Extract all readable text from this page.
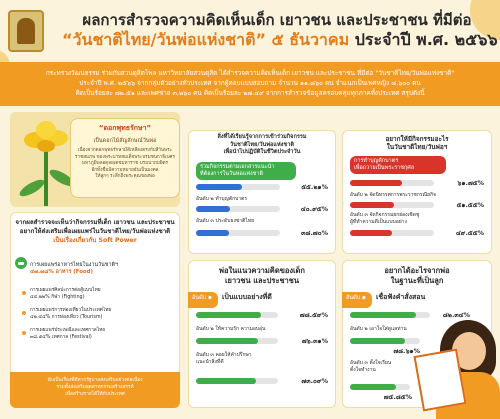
ผลการสำรวจความคิดเห็นเด็ก เยาวชน และประชาชน ที่มีต่อ
“วันชาติไทย/วันพ่อแห่งชาติ” ๕ ธันวาคม ประจำปี พ.ศ. ๒๕๖๖
กระทรวงวัฒนธรรม ร่วมกับสวนดุสิตโพล มหาวิทยาลัยสวนดุสิต ได้สำรวจความคิดเห็นเด็ก เยาวชน และประชาชน ที่มีต่อ "วันชาติไทย/วันพ่อแห่งชาติ"
ประจำปี พ.ศ. ๒๕๖๖ จากกลุ่มตัวอย่างทั่วประเทศ จากผู้ตอบแบบสอบถาม จำนวน ๑๑,๘๖๐ คน จำแนกเป็นเพศหญิง ๘,๖๐๐ คน
คิดเป็นร้อยละ ๗๒.๕๑ และเพศชาย ๓,๒๖๐ คน คิดเป็นร้อยละ ๒๗.๔๙ จากการสำรวจข้อมูลครอบคลุมทุกภาคทั้งประเทศ สรุปดังนี้
“ดอกพุทธรักษา”
เป็นดอกไม้สัญลักษณ์วันพ่อ
เนื่องจากดอกพุทธรักษามีสีเหลืองตรงกับสีวันพระ
ราชสมภพ ของพระบาทสมเด็จพระบรมชนกาธิเบศร
มหาภูมิพลอดุลยเดชมหาราช บรมนาถบพิตร
อีกทั้งชื่อมีความหมายอันเป็นมงคล
ให้ลูกๆ ระลึกถึงพระคุณของพ่อ
จากผลสำรวจจะเห็นว่ากิจกรรมที่เด็ก เยาวชน และประชาชน
อยากให้ส่งเสริมเพื่อเผยแพร่ในวันชาติไทย/วันพ่อแห่งชาติ
เป็นเรื่องเกี่ยวกับ Soft Power
การเผยแพร่อาหารไทยในงานวันชาติฯ
๔๗.๗๘% อาหาร (Food)
การเผยแพร่ศิลปะการต่อสู้แบบไทย
๔๔.๒๒% กีฬา (Fighting)
การเผยแพร่การท่องเที่ยวในประเทศไทย
๔๒.๔๔% การท่องเที่ยว (Tourism)
การเผยแพร่ประเพณีและเทศกาลไทย
๓๘.๕๔% เทศกาล (Festival)
นับเป็นเรื่องที่ดีหากรัฐบาลส่งเสริมอย่างต่อเนื่อง
รวมทั้งส่งเสริมอุตสาหกรรมสร้างสรรค์
เพื่อสร้างรายได้ให้กับประเทศ
สิ่งที่ได้เรียนรู้จากการเข้าร่วมกิจกรรม
วันชาติไทย/วันพ่อแห่งชาติ
เพื่อนำไปปฏิบัติในชีวิตประจำวัน
ร่วมกิจกรรมตามเอกสารแนะนำ
ที่ต้องการในวันพ่อแห่งชาติ
๕๕.๒๑%
อันดับ ๒ ทำบุญตักบาตร
๔๐.๙๕%
อันดับ ๓ ประดับธงชาติไทย
๓๘.๗๐%
อยากให้มีกิจกรรมอะไร
ในวันชาติไทย/วันพ่อฯ
การทำบุญตักบาตร
เพื่อถวายเป็นพระราชกุศล
๖๑.๗๕%
อันดับ ๒ จัดนิทรรศการพระราชกรณียกิจ
๕๑.๕๕%
อันดับ ๓ จัดกิจกรรมยกย่องเชิดชู
ผู้ที่ทำความดีเป็นแบบอย่าง
๔๙.๕๕%
พ่อในแนวความคิดของเด็ก
เยาวชน และประชาชน
อันดับ ๑	เป็นแบบอย่างที่ดี
๗๘.๕๙%
อันดับ ๒ ให้ความรัก ความอบอุ่น
๗๖.๓๑%
อันดับ ๓ คอยให้คำปรึกษา
แนะนำสิ่งที่ดี
๗๓.๐๙%
อยากได้อะไรจากพ่อ
ในฐานะที่เป็นลูก
อันดับ ๑	เชื่อฟังคำสั่งสอน
๘๒.๓๔%
อันดับ ๒ เอาใจใส่ดูแลท่าน
๗๘.๖๑%
อันดับ ๓ ตั้งใจเรียน
ตั้งใจทำงาน
๗๕.๘๕%
